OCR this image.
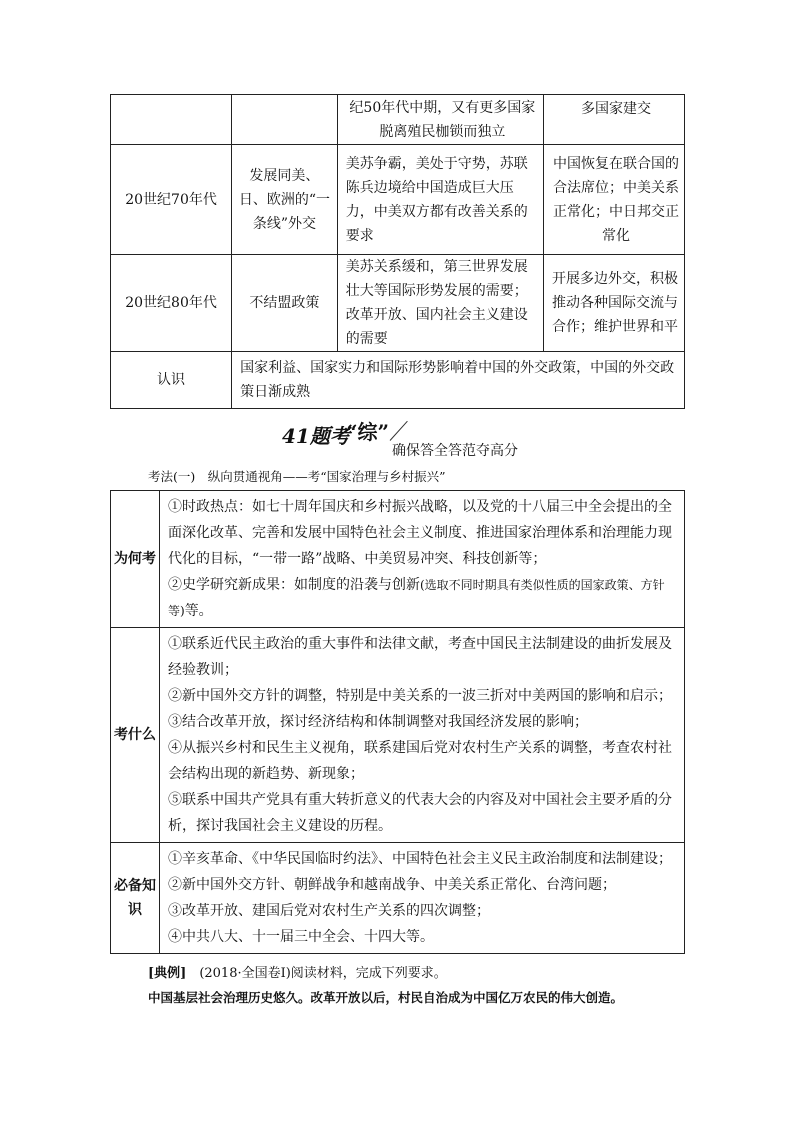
		纪50年代中期，又有更多国家脱离殖民枷锁而独立	多国家建交
20世纪70年代	发展同美、日、欧洲的“一条线”外交	美苏争霸，美处于守势，苏联陈兵边境给中国造成巨大压力，中美双方都有改善关系的要求	中国恢复在联合国的合法席位；中美关系正常化；中日邦交正常化
20世纪80年代	不结盟政策	美苏关系缓和，第三世界发展壮大等国际形势发展的需要；改革开放、国内社会主义建设的需要	开展多边外交，积极推动各种国际交流与合作；维护世界和平
认识	国家利益、国家实力和国际形势影响着中国的外交政策，中国的外交政策日渐成熟		
41题考
“综”
确保答全答范夺高分
考法(一)　纵向贯通视角——考“国家治理与乡村振兴”
为何考	①时政热点：如七十周年国庆和乡村振兴战略，以及党的十八届三中全会提出的全面深化改革、完善和发展中国特色社会主义制度、推进国家治理体系和治理能力现代化的目标，“一带一路”战略、中美贸易冲突、科技创新等；
②史学研究新成果：如制度的沿袭与创新(选取不同时期具有类似性质的国家政策、方针等)等。

考什么	①联系近代民主政治的重大事件和法律文献，考查中国民主法制建设的曲折发展及经验教训；
②新中国外交方针的调整，特别是中美关系的一波三折对中美两国的影响和启示；
③结合改革开放，探讨经济结构和体制调整对我国经济发展的影响；
④从振兴乡村和民生主义视角，联系建国后党对农村生产关系的调整，考查农村社会结构出现的新趋势、新现象；
⑤联系中国共产党具有重大转折意义的代表大会的内容及对中国社会主要矛盾的分析，探讨我国社会主义建设的历程。

必备知识	①辛亥革命、《中华民国临时约法》、中国特色社会主义民主政治制度和法制建设；
②新中国外交方针、朝鲜战争和越南战争、中美关系正常化、台湾问题；
③改革开放、建国后党对农村生产关系的四次调整；
④中共八大、十一届三中全会、十四大等。
[典例]　(2018·全国卷Ⅰ)阅读材料，完成下列要求。
中国基层社会治理历史悠久。改革开放以后，村民自治成为中国亿万农民的伟大创造。
